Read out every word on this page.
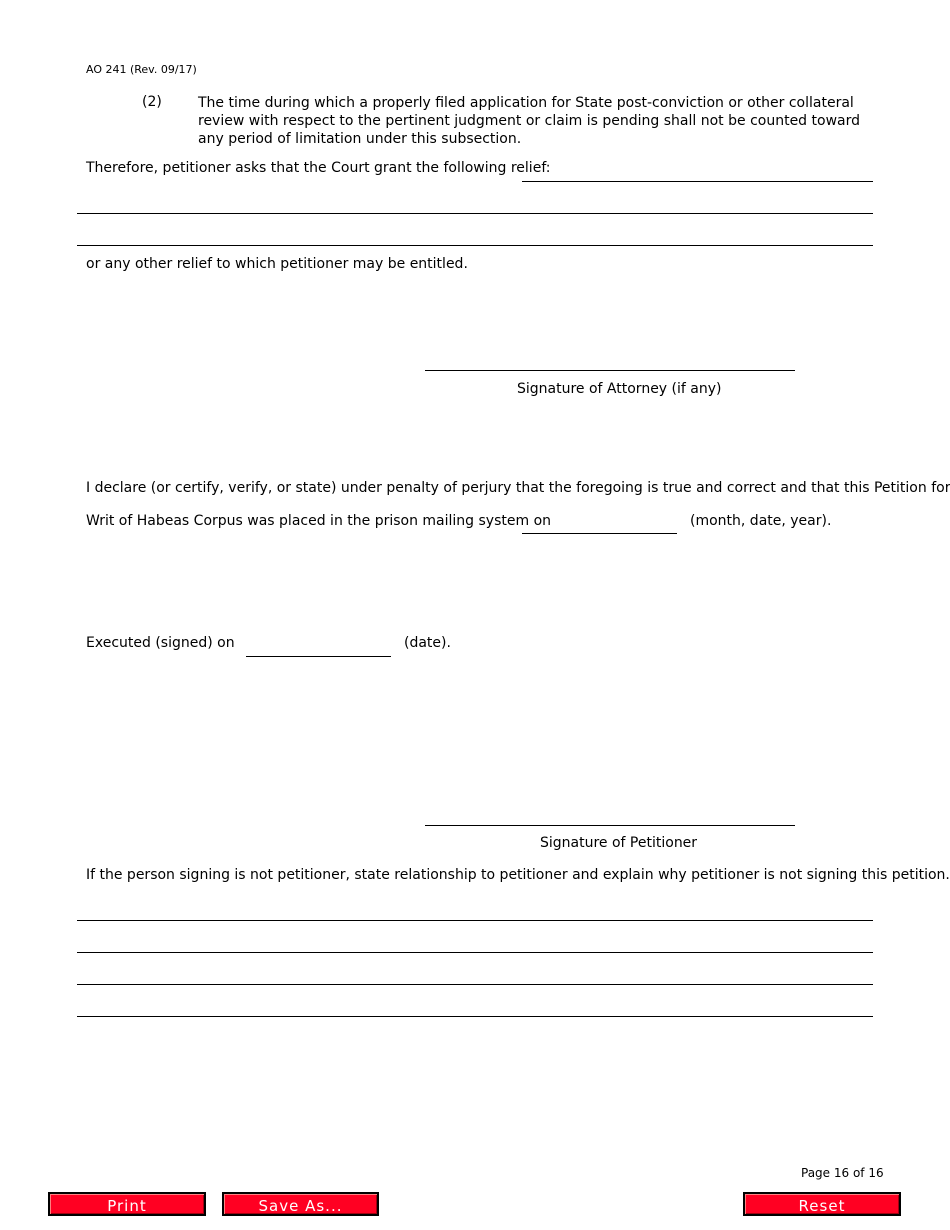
AO 241 (Rev. 09/17)
(2)	The time during which a properly filed application for State post-conviction or other collateral review with respect to the pertinent judgment or claim is pending shall not be counted toward any period of limitation under this subsection.
Therefore, petitioner asks that the Court grant the following relief:
or any other relief to which petitioner may be entitled.
Signature of Attorney (if any)
I declare (or certify, verify, or state) under penalty of perjury that the foregoing is true and correct and that this Petition for
Writ of Habeas Corpus was placed in the prison mailing system on	(month, date, year).
Executed (signed) on	(date).
Signature of Petitioner
If the person signing is not petitioner, state relationship to petitioner and explain why petitioner is not signing this petition.
Page 16 of 16
Print	Save As...	Reset
